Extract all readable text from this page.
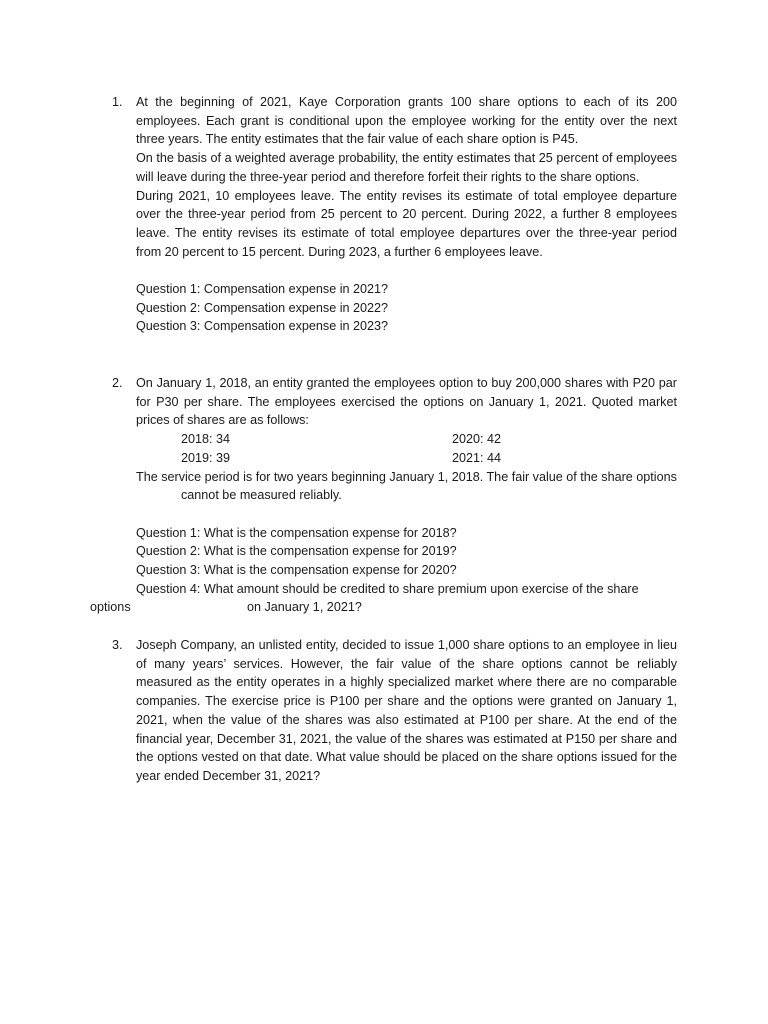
1. At the beginning of 2021, Kaye Corporation grants 100 share options to each of its 200 employees. Each grant is conditional upon the employee working for the entity over the next three years. The entity estimates that the fair value of each share option is P45.

On the basis of a weighted average probability, the entity estimates that 25 percent of employees will leave during the three-year period and therefore forfeit their rights to the share options.

During 2021, 10 employees leave. The entity revises its estimate of total employee departure over the three-year period from 25 percent to 20 percent. During 2022, a further 8 employees leave. The entity revises its estimate of total employee departures over the three-year period from 20 percent to 15 percent. During 2023, a further 6 employees leave.

Question 1: Compensation expense in 2021?

Question 2: Compensation expense in 2022?

Question 3: Compensation expense in 2023?

2. On January 1, 2018, an entity granted the employees option to buy 200,000 shares with P20 par for P30 per share. The employees exercised the options on January 1, 2021. Quoted market prices of shares are as follows:

2018: 34	2020: 42
2019: 39	2021: 44

The service period is for two years beginning January 1, 2018. The fair value of the share options

cannot be measured reliably.

Question 1: What is the compensation expense for 2018?

Question 2: What is the compensation expense for 2019?

Question 3: What is the compensation expense for 2020?

Question 4: What amount should be credited to share premium upon exercise of the share

options	on January 1, 2021?
3. Joseph Company, an unlisted entity, decided to issue 1,000 share options to an employee in lieu of many years’ services. However, the fair value of the share options cannot be reliably measured as the entity operates in a highly specialized market where there are no comparable companies. The exercise price is P100 per share and the options were granted on January 1, 2021, when the value of the shares was also estimated at P100 per share. At the end of the financial year, December 31, 2021, the value of the shares was estimated at P150 per share and the options vested on that date. What value should be placed on the share options issued for the year ended December 31, 2021?
